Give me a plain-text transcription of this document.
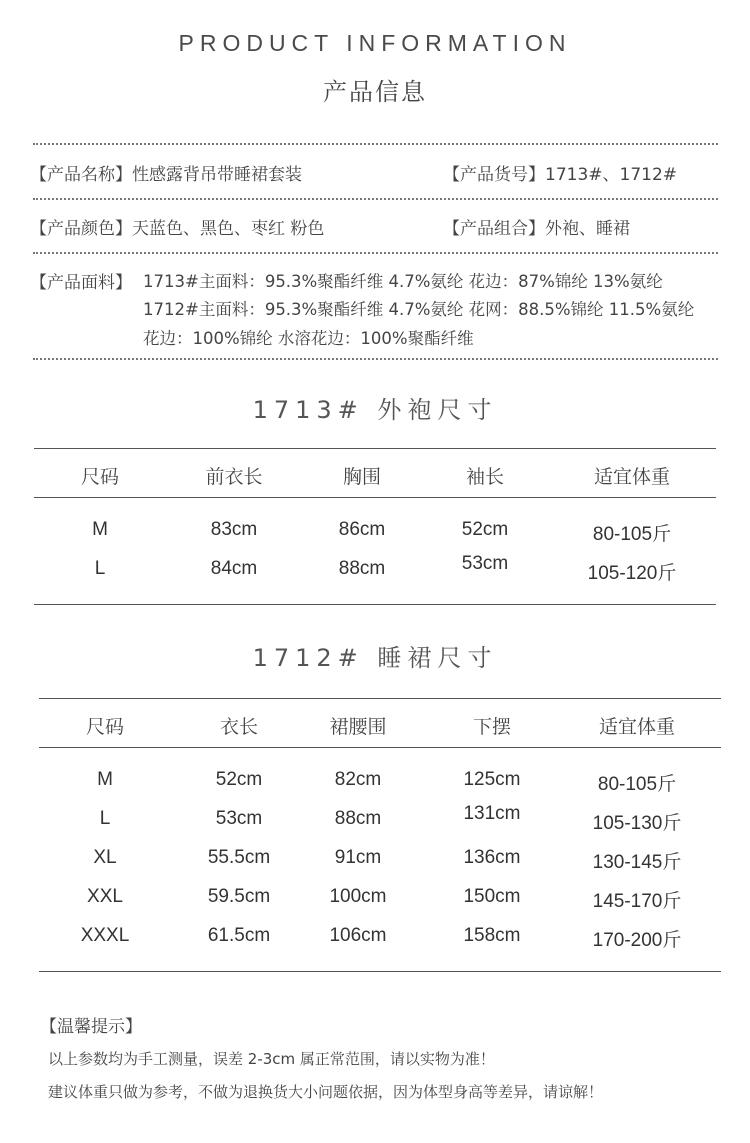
PRODUCT INFORMATION
产品信息
【产品名称】性感露背吊带睡裙套装	【产品货号】1713#、1712#
【产品颜色】天蓝色、黑色、枣红 粉色	【产品组合】外袍、睡裙
【产品面料】 1713#主面料：95.3%聚酯纤维 4.7%氨纶 花边：87%锦纶 13%氨纶
1712#主面料：95.3%聚酯纤维 4.7%氨纶 花网：88.5%锦纶 11.5%氨纶
花边：100%锦纶 水溶花边：100%聚酯纤维
1713# 外袍尺寸
尺码	前衣长	胸围	袖长	适宜体重
M	83cm	86cm	52cm	80-105斤
L	84cm	88cm	53cm	105-120斤
1712# 睡裙尺寸
尺码	衣长	裙腰围	下摆	适宜体重
M	52cm	82cm	125cm	80-105斤
L	53cm	88cm	131cm	105-130斤
XL	55.5cm	91cm	136cm	130-145斤
XXL	59.5cm	100cm	150cm	145-170斤
XXXL	61.5cm	106cm	158cm	170-200斤
【温馨提示】
以上参数均为手工测量，误差 2-3cm 属正常范围，请以实物为准！
建议体重只做为参考，不做为退换货大小问题依据，因为体型身高等差异，请谅解！
